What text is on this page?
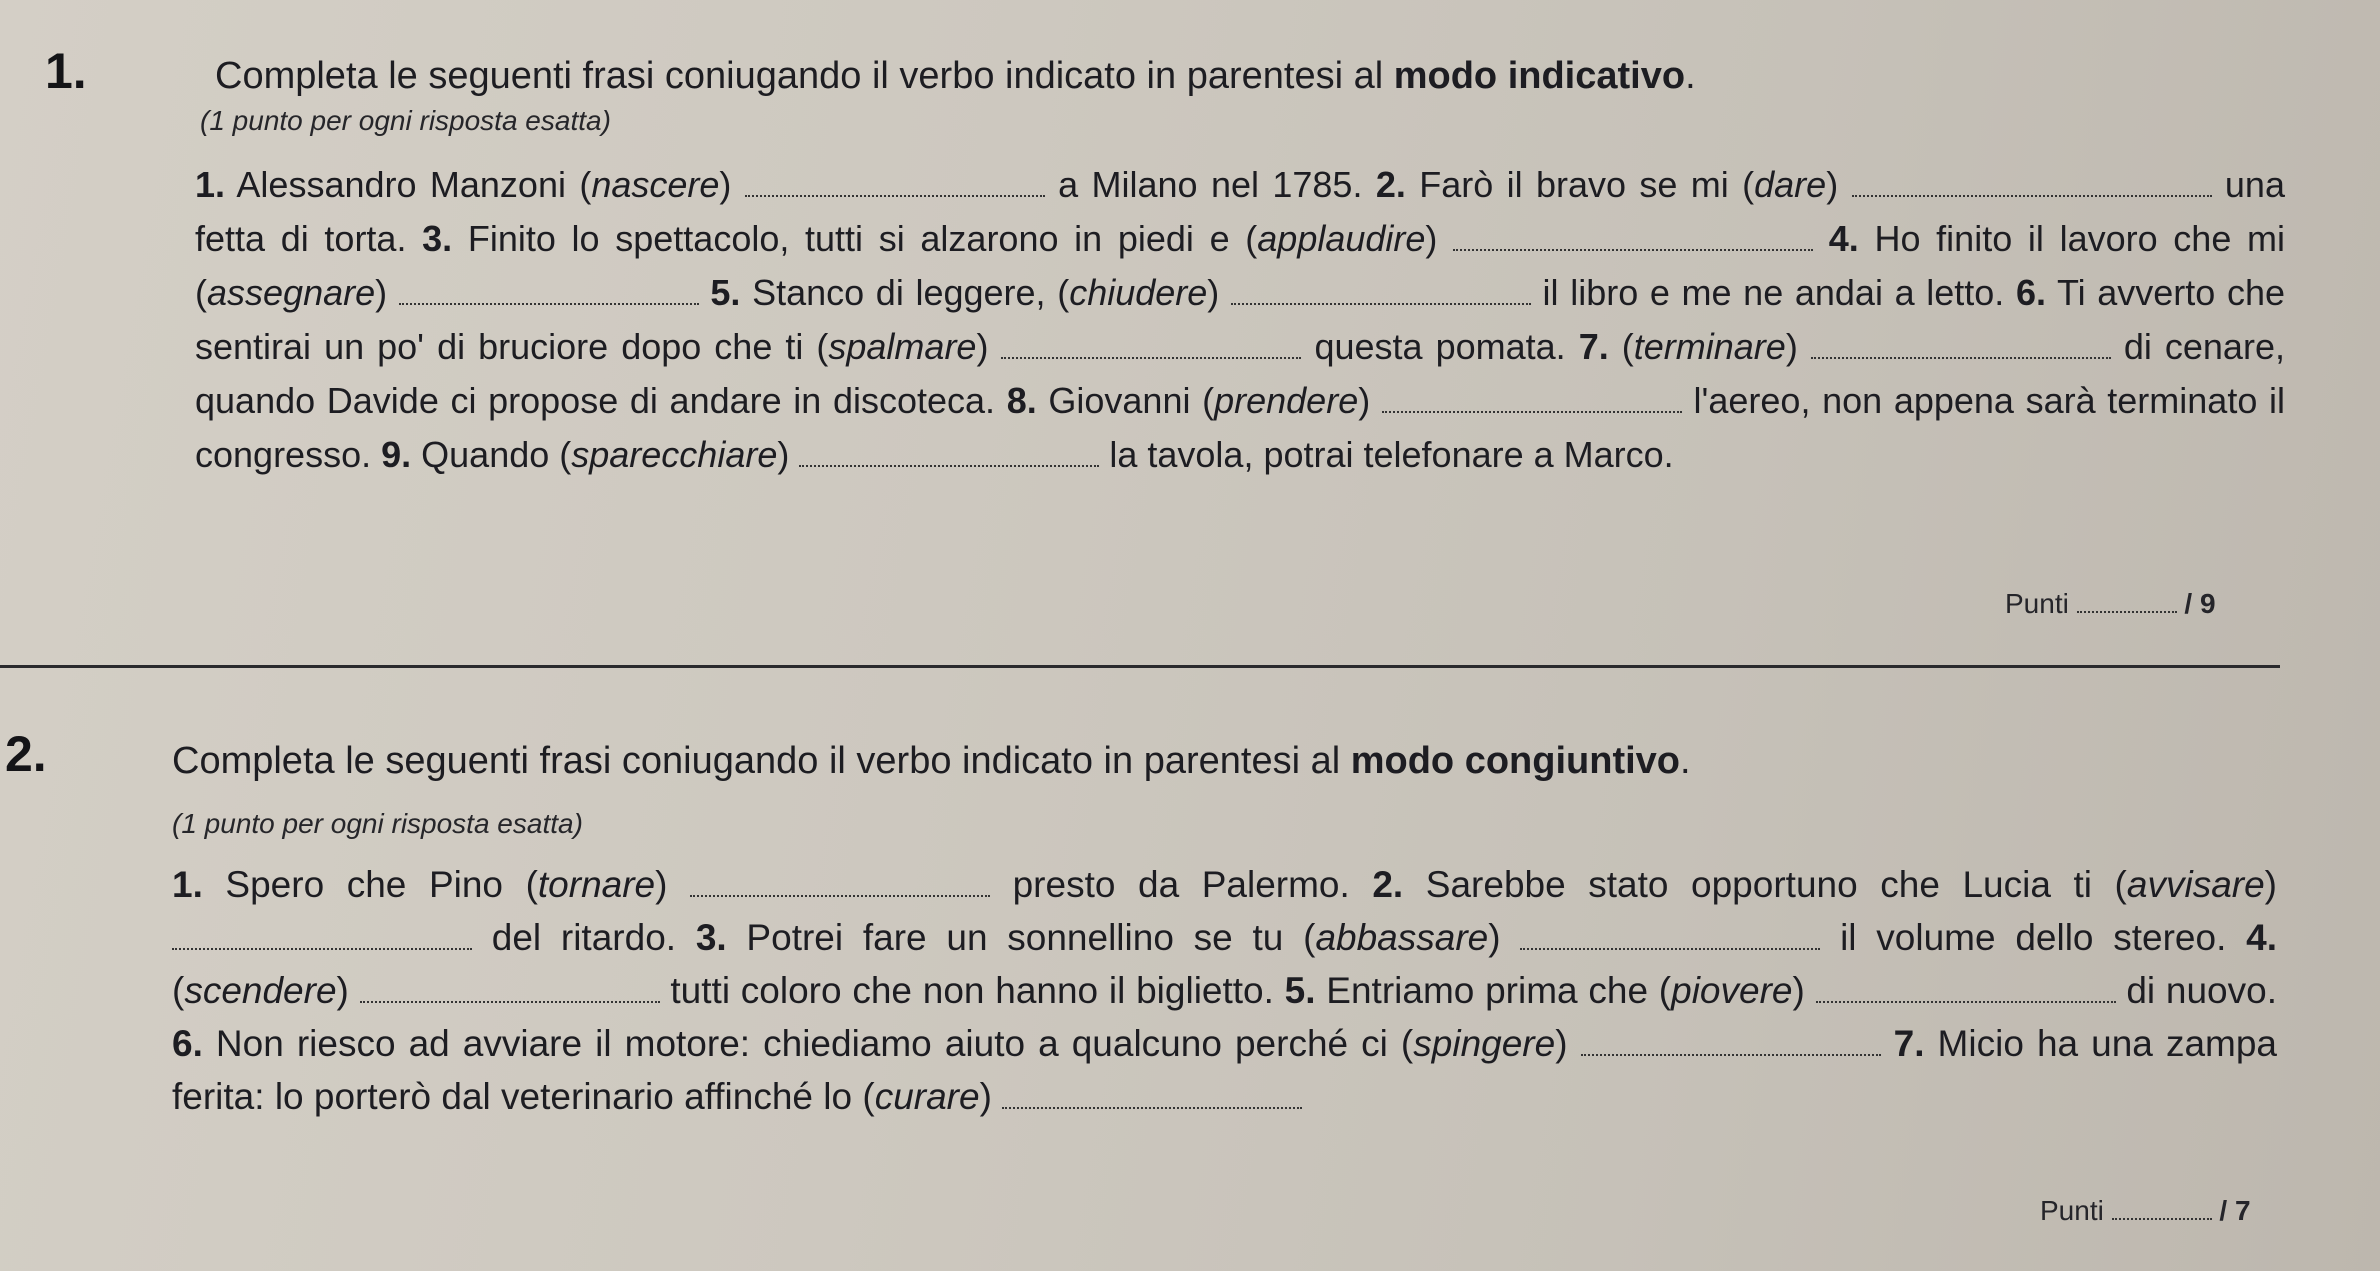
1.	Completa le seguenti frasi coniugando il verbo indicato in parentesi al modo indicativo.
(1 punto per ogni risposta esatta)
1. Alessandro Manzoni (nascere)	a Milano nel 1785. 2. Farò il bravo se mi (dare)	una fetta di torta. 3. Finito lo spettacolo, tutti si alzarono in piedi e (applaudire)	4. Ho finito il lavoro che mi (assegnare)	5. Stanco di leggere, (chiudere)	il libro e me ne andai a letto. 6. Ti avverto che sentirai un po' di bruciore dopo che ti (spalmare)	questa pomata. 7. (terminare)	di cenare, quando Davide ci propose di andare in discoteca. 8. Giovanni (prendere)	l'aereo, non appena sarà terminato il congresso. 9. Quando (sparecchiare)	la tavola, potrai telefonare a Marco.
Punti	/ 9
2.	Completa le seguenti frasi coniugando il verbo indicato in parentesi al modo congiuntivo.
(1 punto per ogni risposta esatta)
1. Spero che Pino (tornare)	presto da Palermo. 2. Sarebbe stato opportuno che Lucia ti (avvisare)  del ritardo. 3. Potrei fare un sonnellino se tu (abbassare)	il volume dello stereo. 4. (scendere)	tutti coloro che non hanno il biglietto. 5. Entriamo prima che (piovere)	di nuovo. 6. Non riesco ad avviare il motore: chiediamo aiuto a qualcuno perché ci (spingere)	7. Micio ha una zampa ferita: lo porterò dal veterinario affinché lo (curare)
Punti	/ 7
